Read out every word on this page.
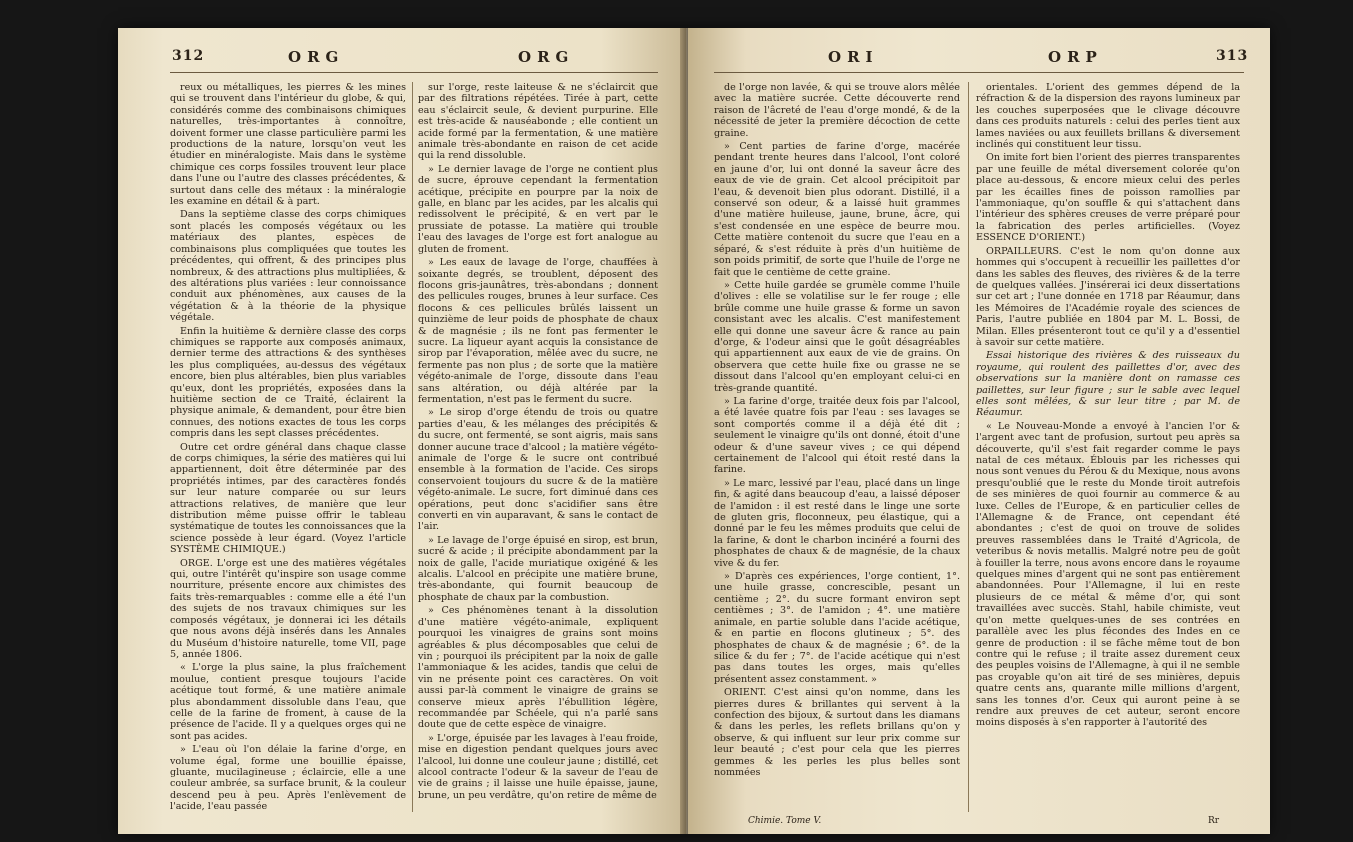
312	ORG	ORG

reux ou métalliques, les pierres & les mines qui se trouvent dans l'intérieur du globe, & qui, considérés comme des combinaisons chimiques naturelles, très-importantes à connoître, doivent former une classe particulière parmi les productions de la nature, lorsqu'on veut les étudier en minéralogiste. Mais dans le système chimique ces corps fossiles trouvent leur place dans l'une ou l'autre des classes précédentes, & surtout dans celle des métaux : la minéralogie les examine en détail & à part.

Dans la septième classe des corps chimiques sont placés les composés végétaux ou les matériaux des plantes, espèces de combinaisons plus compliquées que toutes les précédentes, qui offrent, & des principes plus nombreux, & des attractions plus multipliées, & des altérations plus variées : leur connoissance conduit aux phénomènes, aux causes de la végétation & à la théorie de la physique végétale.

Enfin la huitième & dernière classe des corps chimiques se rapporte aux composés animaux, dernier terme des attractions & des synthèses les plus compliquées, au-dessus des végétaux encore, bien plus altérables, bien plus variables qu'eux, dont les propriétés, exposées dans la huitième section de ce Traité, éclairent la physique animale, & demandent, pour être bien connues, des notions exactes de tous les corps compris dans les sept classes précédentes.

Outre cet ordre général dans chaque classe de corps chimiques, la série des matières qui lui appartiennent, doit être déterminée par des propriétés intimes, par des caractères fondés sur leur nature comparée ou sur leurs attractions relatives, de manière que leur distribution même puisse offrir le tableau systématique de toutes les connoissances que la science possède à leur égard. (Voyez l'article SYSTÈME CHIMIQUE.)

ORGE. L'orge est une des matières végétales qui, outre l'intérêt qu'inspire son usage comme nourriture, présente encore aux chimistes des faits très-remarquables : comme elle a été l'un des sujets de nos travaux chimiques sur les composés végétaux, je donnerai ici les détails que nous avons déjà insérés dans les Annales du Muséum d'histoire naturelle, tome VII, page 5, année 1806.

« L'orge la plus saine, la plus fraîchement moulue, contient presque toujours l'acide acétique tout formé, & une matière animale plus abondamment dissoluble dans l'eau, que celle de la farine de froment, à cause de la présence de l'acide. Il y a quelques orges qui ne sont pas acides.

» L'eau où l'on délaie la farine d'orge, en volume égal, forme une bouillie épaisse, gluante, mucilagineuse ; éclaircie, elle a une couleur ambrée, sa surface brunit, & la couleur descend peu à peu. Après l'enlèvement de l'acide, l'eau passée

sur l'orge, reste laiteuse & ne s'éclaircit que par des filtrations répétées. Tirée à part, cette eau s'éclaircit seule, & devient purpurine. Elle est très-acide & nauséabonde ; elle contient un acide formé par la fermentation, & une matière animale très-abondante en raison de cet acide qui la rend dissoluble.

» Le dernier lavage de l'orge ne contient plus de sucre, éprouve cependant la fermentation acétique, précipite en pourpre par la noix de galle, en blanc par les acides, par les alcalis qui redissolvent le précipité, & en vert par le prussiate de potasse. La matière qui trouble l'eau des lavages de l'orge est fort analogue au gluten de froment.

» Les eaux de lavage de l'orge, chauffées à soixante degrés, se troublent, déposent des flocons gris-jaunâtres, très-abondans ; donnent des pellicules rouges, brunes à leur surface. Ces flocons & ces pellicules brûlés laissent un quinzième de leur poids de phosphate de chaux & de magnésie ; ils ne font pas fermenter le sucre. La liqueur ayant acquis la consistance de sirop par l'évaporation, mêlée avec du sucre, ne fermente pas non plus ; de sorte que la matière végéto-animale de l'orge, dissoute dans l'eau sans altération, ou déjà altérée par la fermentation, n'est pas le ferment du sucre.

» Le sirop d'orge étendu de trois ou quatre parties d'eau, & les mélanges des précipités & du sucre, ont fermenté, se sont aigris, mais sans donner aucune trace d'alcool ; la matière végéto-animale de l'orge & le sucre ont contribué ensemble à la formation de l'acide. Ces sirops conservoient toujours du sucre & de la matière végéto-animale. Le sucre, fort diminué dans ces opérations, peut donc s'acidifier sans être converti en vin auparavant, & sans le contact de l'air.

» Le lavage de l'orge épuisé en sirop, est brun, sucré & acide ; il précipite abondamment par la noix de galle, l'acide muriatique oxigéné & les alcalis. L'alcool en précipite une matière brune, très-abondante, qui fournit beaucoup de phosphate de chaux par la combustion.

» Ces phénomènes tenant à la dissolution d'une matière végéto-animale, expliquent pourquoi les vinaigres de grains sont moins agréables & plus décomposables que celui de vin ; pourquoi ils précipitent par la noix de galle l'ammoniaque & les acides, tandis que celui de vin ne présente point ces caractères. On voit aussi par-là comment le vinaigre de grains se conserve mieux après l'ébullition légère, recommandée par Schéele, qui n'a parlé sans doute que de cette espèce de vinaigre.

» L'orge, épuisée par les lavages à l'eau froide, mise en digestion pendant quelques jours avec l'alcool, lui donne une couleur jaune ; distillé, cet alcool contracte l'odeur & la saveur de l'eau de vie de grains ; il laisse une huile épaisse, jaune, brune, un peu verdâtre, qu'on retire de même de

ORI	ORP	313

de l'orge non lavée, & qui se trouve alors mêlée avec la matière sucrée. Cette découverte rend raison de l'âcreté de l'eau d'orge mondé, & de la nécessité de jeter la première décoction de cette graine.

» Cent parties de farine d'orge, macérée pendant trente heures dans l'alcool, l'ont coloré en jaune d'or, lui ont donné la saveur âcre des eaux de vie de grain. Cet alcool précipitoit par l'eau, & devenoit bien plus odorant. Distillé, il a conservé son odeur, & a laissé huit grammes d'une matière huileuse, jaune, brune, âcre, qui s'est condensée en une espèce de beurre mou. Cette matière contenoit du sucre que l'eau en a séparé, & s'est réduite à près d'un huitième de son poids primitif, de sorte que l'huile de l'orge ne fait que le centième de cette graine.

» Cette huile gardée se grumèle comme l'huile d'olives : elle se volatilise sur le fer rouge ; elle brûle comme une huile grasse & forme un savon consistant avec les alcalis. C'est manifestement elle qui donne une saveur âcre & rance au pain d'orge, & l'odeur ainsi que le goût désagréables qui appartiennent aux eaux de vie de grains. On observera que cette huile fixe ou grasse ne se dissout dans l'alcool qu'en employant celui-ci en très-grande quantité.

» La farine d'orge, traitée deux fois par l'alcool, a été lavée quatre fois par l'eau : ses lavages se sont comportés comme il a déjà été dit ; seulement le vinaigre qu'ils ont donné, étoit d'une odeur & d'une saveur vives ; ce qui dépend certainement de l'alcool qui étoit resté dans la farine.

» Le marc, lessivé par l'eau, placé dans un linge fin, & agité dans beaucoup d'eau, a laissé déposer de l'amidon : il est resté dans le linge une sorte de gluten gris, floconneux, peu élastique, qui a donné par le feu les mêmes produits que celui de la farine, & dont le charbon incinéré a fourni des phosphates de chaux & de magnésie, de la chaux vive & du fer.

» D'après ces expériences, l'orge contient, 1°. une huile grasse, concrescible, pesant un centième ; 2°. du sucre formant environ sept centièmes ; 3°. de l'amidon ; 4°. une matière animale, en partie soluble dans l'acide acétique, & en partie en flocons glutineux ; 5°. des phosphates de chaux & de magnésie ; 6°. de la silice & du fer ; 7°. de l'acide acétique qui n'est pas dans toutes les orges, mais qu'elles présentent assez constamment. »

ORIENT. C'est ainsi qu'on nomme, dans les pierres dures & brillantes qui servent à la confection des bijoux, & surtout dans les diamans & dans les perles, les reflets brillans qu'on y observe, & qui influent sur leur prix comme sur leur beauté ; c'est pour cela que les pierres gemmes & les perles les plus belles sont nommées

orientales. L'orient des gemmes dépend de la réfraction & de la dispersion des rayons lumineux par les couches superposées que le clivage découvre dans ces produits naturels : celui des perles tient aux lames naviées ou aux feuillets brillans & diversement inclinés qui constituent leur tissu.

On imite fort bien l'orient des pierres transparentes par une feuille de métal diversement colorée qu'on place au-dessous, & encore mieux celui des perles par les écailles fines de poisson ramollies par l'ammoniaque, qu'on souffle & qui s'attachent dans l'intérieur des sphères creuses de verre préparé pour la fabrication des perles artificielles. (Voyez ESSENCE D'ORIENT.)

ORPAILLEURS. C'est le nom qu'on donne aux hommes qui s'occupent à recueillir les paillettes d'or dans les sables des fleuves, des rivières & de la terre de quelques vallées. J'insérerai ici deux dissertations sur cet art ; l'une donnée en 1718 par Réaumur, dans les Mémoires de l'Académie royale des sciences de Paris, l'autre publiée en 1804 par M. L. Bossi, de Milan. Elles présenteront tout ce qu'il y a d'essentiel à savoir sur cette matière.

Essai historique des rivières & des ruisseaux du royaume, qui roulent des paillettes d'or, avec des observations sur la manière dont on ramasse ces paillettes, sur leur figure ; sur le sable avec lequel elles sont mêlées, & sur leur titre ; par M. de Réaumur.

« Le Nouveau-Monde a envoyé à l'ancien l'or & l'argent avec tant de profusion, surtout peu après sa découverte, qu'il s'est fait regarder comme le pays natal de ces métaux. Éblouis par les richesses qui nous sont venues du Pérou & du Mexique, nous avons presqu'oublié que le reste du Monde tiroit autrefois de ses minières de quoi fournir au commerce & au luxe. Celles de l'Europe, & en particulier celles de l'Allemagne & de France, ont cependant été abondantes ; c'est de quoi on trouve de solides preuves rassemblées dans le Traité d'Agricola, de veteribus & novis metallis. Malgré notre peu de goût à fouiller la terre, nous avons encore dans le royaume quelques mines d'argent qui ne sont pas entièrement abandonnées. Pour l'Allemagne, il lui en reste plusieurs de ce métal & même d'or, qui sont travaillées avec succès. Stahl, habile chimiste, veut qu'on mette quelques-unes de ses contrées en parallèle avec les plus fécondes des Indes en ce genre de production : il se fâche même tout de bon contre qui le refuse ; il traite assez durement ceux des peuples voisins de l'Allemagne, à qui il ne semble pas croyable qu'on ait tiré de ses minières, depuis quatre cents ans, quarante mille millions d'argent, sans les tonnes d'or. Ceux qui auront peine à se rendre aux preuves de cet auteur, seront encore moins disposés à s'en rapporter à l'autorité des

Chimie. Tome V.	Rr
